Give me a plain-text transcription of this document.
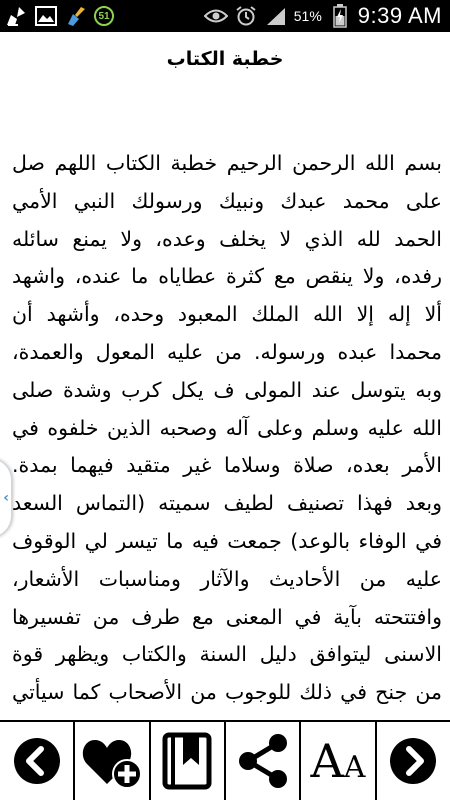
51	51% 9:39 AM
خطبة الكتاب

بسم الله الرحمن الرحيم خطبة الكتاب اللهم صل على محمد عبدك ونبيك ورسولك النبي الأمي الحمد لله الذي لا يخلف وعده، ولا يمنع سائله رفده، ولا ينقص مع كثرة عطاياه ما عنده، واشهد ألا إله إلا الله الملك المعبود وحده، وأشهد أن محمدا عبده ورسوله. من عليه المعول والعمدة، وبه يتوسل عند المولى ف يكل كرب وشدة صلى الله عليه وسلم وعلى آله وصحبه الذين خلفوه في الأمر بعده، صلاة وسلاما غير متقيد فيهما بمدة. وبعد فهذا تصنيف لطيف سميته (التماس السعد في الوفاء بالوعد) جمعت فيه ما تيسر لي الوقوف عليه من الأحاديث والآثار ومناسبات الأشعار، وافتتحته بآية في المعنى مع طرف من تفسيرها الاسنى ليتوافق دليل السنة والكتاب ويظهر قوة من جنح في ذلك للوجوب من الأصحاب كما سيأتي

‹
AA
